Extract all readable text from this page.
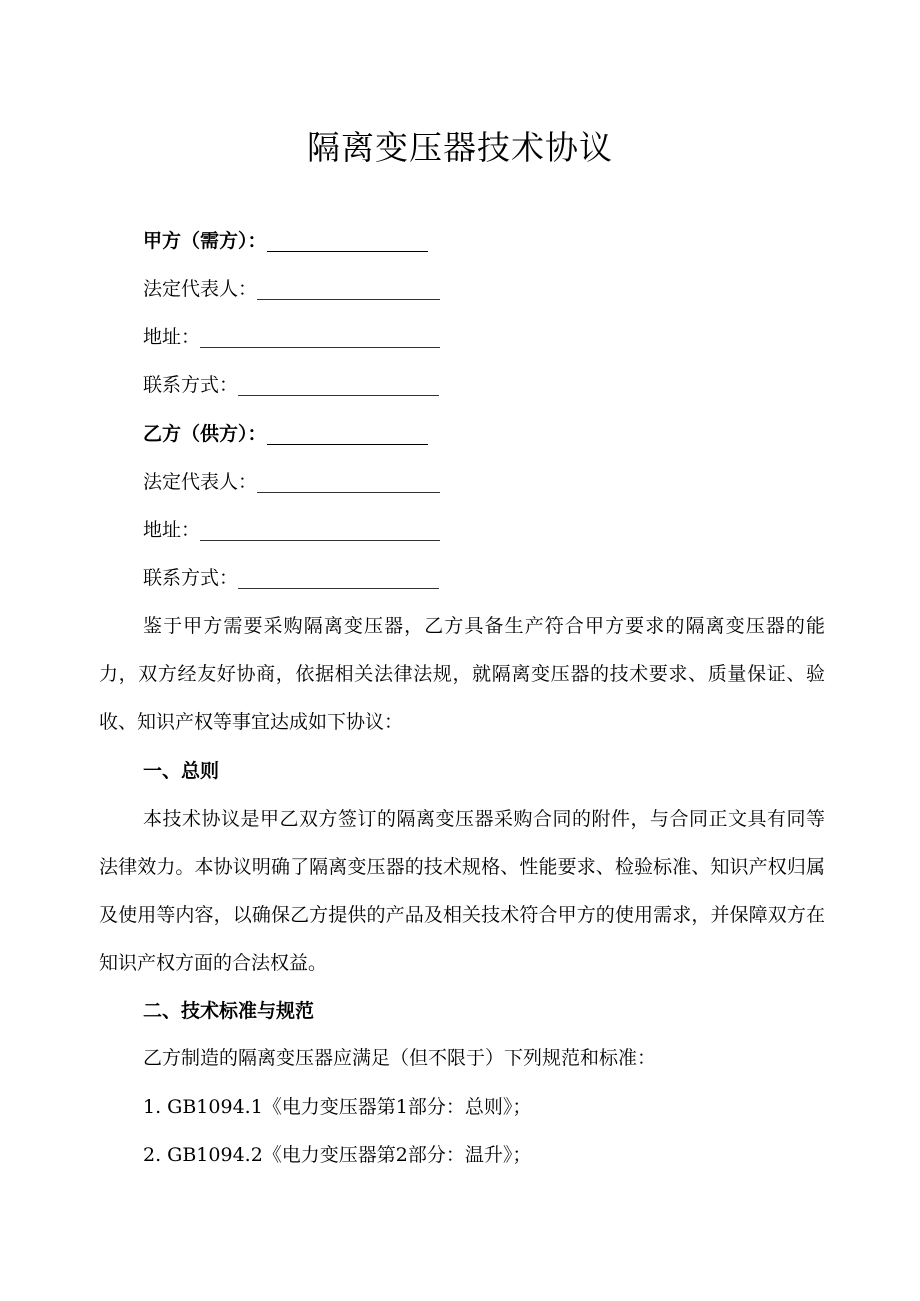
隔离变压器技术协议
甲方（需方）：
法定代表人：
地址：
联系方式：
乙方（供方）：
法定代表人：
地址：
联系方式：

鉴于甲方需要采购隔离变压器，乙方具备生产符合甲方要求的隔离变压器的能力，双方经友好协商，依据相关法律法规，就隔离变压器的技术要求、质量保证、验收、知识产权等事宜达成如下协议：

一、总则

本技术协议是甲乙双方签订的隔离变压器采购合同的附件，与合同正文具有同等法律效力。本协议明确了隔离变压器的技术规格、性能要求、检验标准、知识产权归属及使用等内容，以确保乙方提供的产品及相关技术符合甲方的使用需求，并保障双方在知识产权方面的合法权益。

二、技术标准与规范

乙方制造的隔离变压器应满足（但不限于）下列规范和标准：

1. GB1094.1《电力变压器第1部分：总则》；

2. GB1094.2《电力变压器第2部分：温升》；
